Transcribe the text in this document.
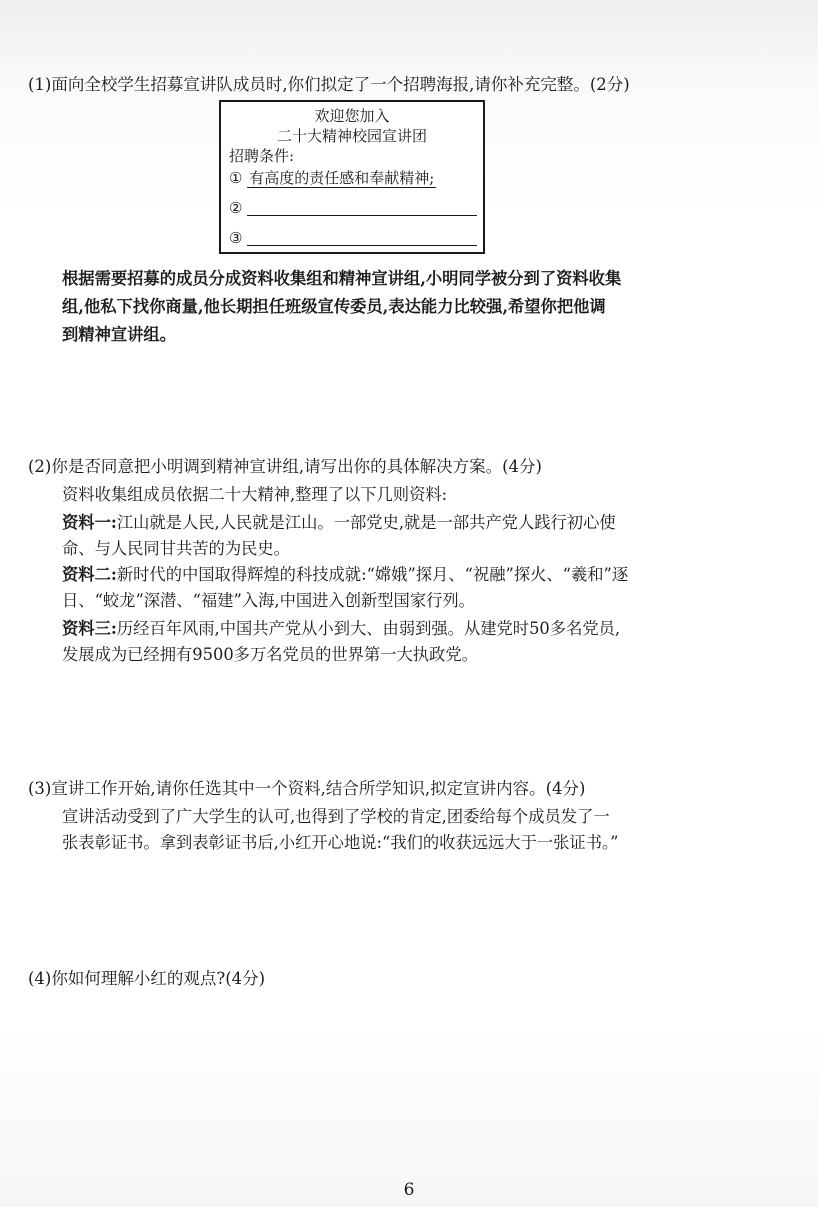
(1)面向全校学生招募宣讲队成员时,你们拟定了一个招聘海报,请你补充完整。(2分)
欢迎您加入
二十大精神校园宣讲团
招聘条件:
① 有高度的责任感和奉献精神;
②
③
根据需要招募的成员分成资料收集组和精神宣讲组,小明同学被分到了资料收集
组,他私下找你商量,他长期担任班级宣传委员,表达能力比较强,希望你把他调
到精神宣讲组。
(2)你是否同意把小明调到精神宣讲组,请写出你的具体解决方案。(4分)
资料收集组成员依据二十大精神,整理了以下几则资料:
资料一:江山就是人民,人民就是江山。一部党史,就是一部共产党人践行初心使
命、与人民同甘共苦的为民史。
资料二:新时代的中国取得辉煌的科技成就:“嫦娥”探月、“祝融”探火、“羲和”逐
日、“蛟龙”深潜、“福建”入海,中国进入创新型国家行列。
资料三:历经百年风雨,中国共产党从小到大、由弱到强。从建党时50多名党员,
发展成为已经拥有9500多万名党员的世界第一大执政党。
(3)宣讲工作开始,请你任选其中一个资料,结合所学知识,拟定宣讲内容。(4分)
宣讲活动受到了广大学生的认可,也得到了学校的肯定,团委给每个成员发了一
张表彰证书。拿到表彰证书后,小红开心地说:“我们的收获远远大于一张证书。”
(4)你如何理解小红的观点?(4分)
6
